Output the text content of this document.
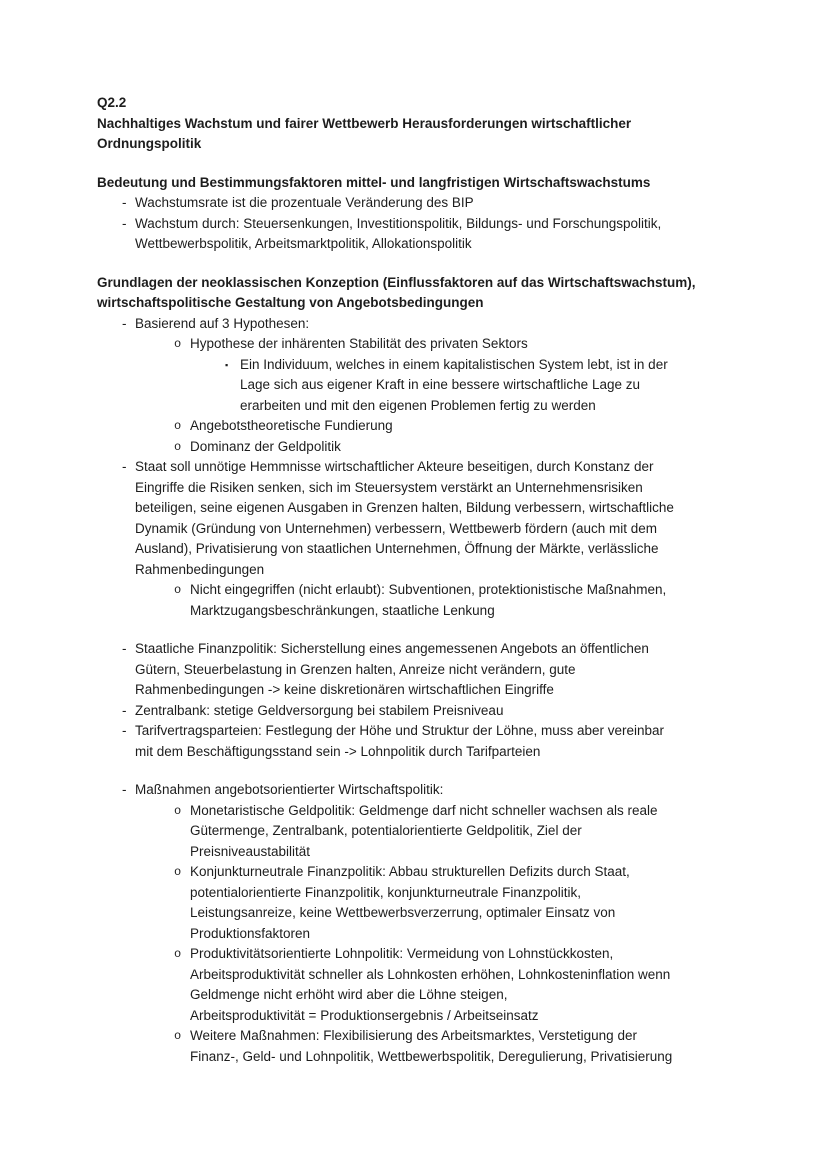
Q2.2
Nachhaltiges Wachstum und fairer Wettbewerb Herausforderungen wirtschaftlicher
Ordnungspolitik
Bedeutung und Bestimmungsfaktoren mittel- und langfristigen Wirtschaftswachstums
- Wachstumsrate ist die prozentuale Veränderung des BIP
- Wachstum durch: Steuersenkungen, Investitionspolitik, Bildungs- und Forschungspolitik,
Wettbewerbspolitik, Arbeitsmarktpolitik, Allokationspolitik
Grundlagen der neoklassischen Konzeption (Einflussfaktoren auf das Wirtschaftswachstum),
wirtschaftspolitische Gestaltung von Angebotsbedingungen
- Basierend auf 3 Hypothesen:
o Hypothese der inhärenten Stabilität des privaten Sektors
▪ Ein Individuum, welches in einem kapitalistischen System lebt, ist in der
Lage sich aus eigener Kraft in eine bessere wirtschaftliche Lage zu
erarbeiten und mit den eigenen Problemen fertig zu werden
o Angebotstheoretische Fundierung
o Dominanz der Geldpolitik
- Staat soll unnötige Hemmnisse wirtschaftlicher Akteure beseitigen, durch Konstanz der
Eingriffe die Risiken senken, sich im Steuersystem verstärkt an Unternehmensrisiken
beteiligen, seine eigenen Ausgaben in Grenzen halten, Bildung verbessern, wirtschaftliche
Dynamik (Gründung von Unternehmen) verbessern, Wettbewerb fördern (auch mit dem
Ausland), Privatisierung von staatlichen Unternehmen, Öffnung der Märkte, verlässliche
Rahmenbedingungen
o Nicht eingegriffen (nicht erlaubt): Subventionen, protektionistische Maßnahmen,
Marktzugangsbeschränkungen, staatliche Lenkung
- Staatliche Finanzpolitik: Sicherstellung eines angemessenen Angebots an öffentlichen
Gütern, Steuerbelastung in Grenzen halten, Anreize nicht verändern, gute
Rahmenbedingungen -> keine diskretionären wirtschaftlichen Eingriffe
- Zentralbank: stetige Geldversorgung bei stabilem Preisniveau
- Tarifvertragsparteien: Festlegung der Höhe und Struktur der Löhne, muss aber vereinbar
mit dem Beschäftigungsstand sein -> Lohnpolitik durch Tarifparteien
- Maßnahmen angebotsorientierter Wirtschaftspolitik:
o Monetaristische Geldpolitik: Geldmenge darf nicht schneller wachsen als reale
Gütermenge, Zentralbank, potentialorientierte Geldpolitik, Ziel der
Preisniveaustabilität
o Konjunkturneutrale Finanzpolitik: Abbau strukturellen Defizits durch Staat,
potentialorientierte Finanzpolitik, konjunkturneutrale Finanzpolitik,
Leistungsanreize, keine Wettbewerbsverzerrung, optimaler Einsatz von
Produktionsfaktoren
o Produktivitätsorientierte Lohnpolitik: Vermeidung von Lohnstückkosten,
Arbeitsproduktivität schneller als Lohnkosten erhöhen, Lohnkosteninflation wenn
Geldmenge nicht erhöht wird aber die Löhne steigen,
Arbeitsproduktivität = Produktionsergebnis / Arbeitseinsatz
o Weitere Maßnahmen: Flexibilisierung des Arbeitsmarktes, Verstetigung der
Finanz-, Geld- und Lohnpolitik, Wettbewerbspolitik, Deregulierung, Privatisierung
